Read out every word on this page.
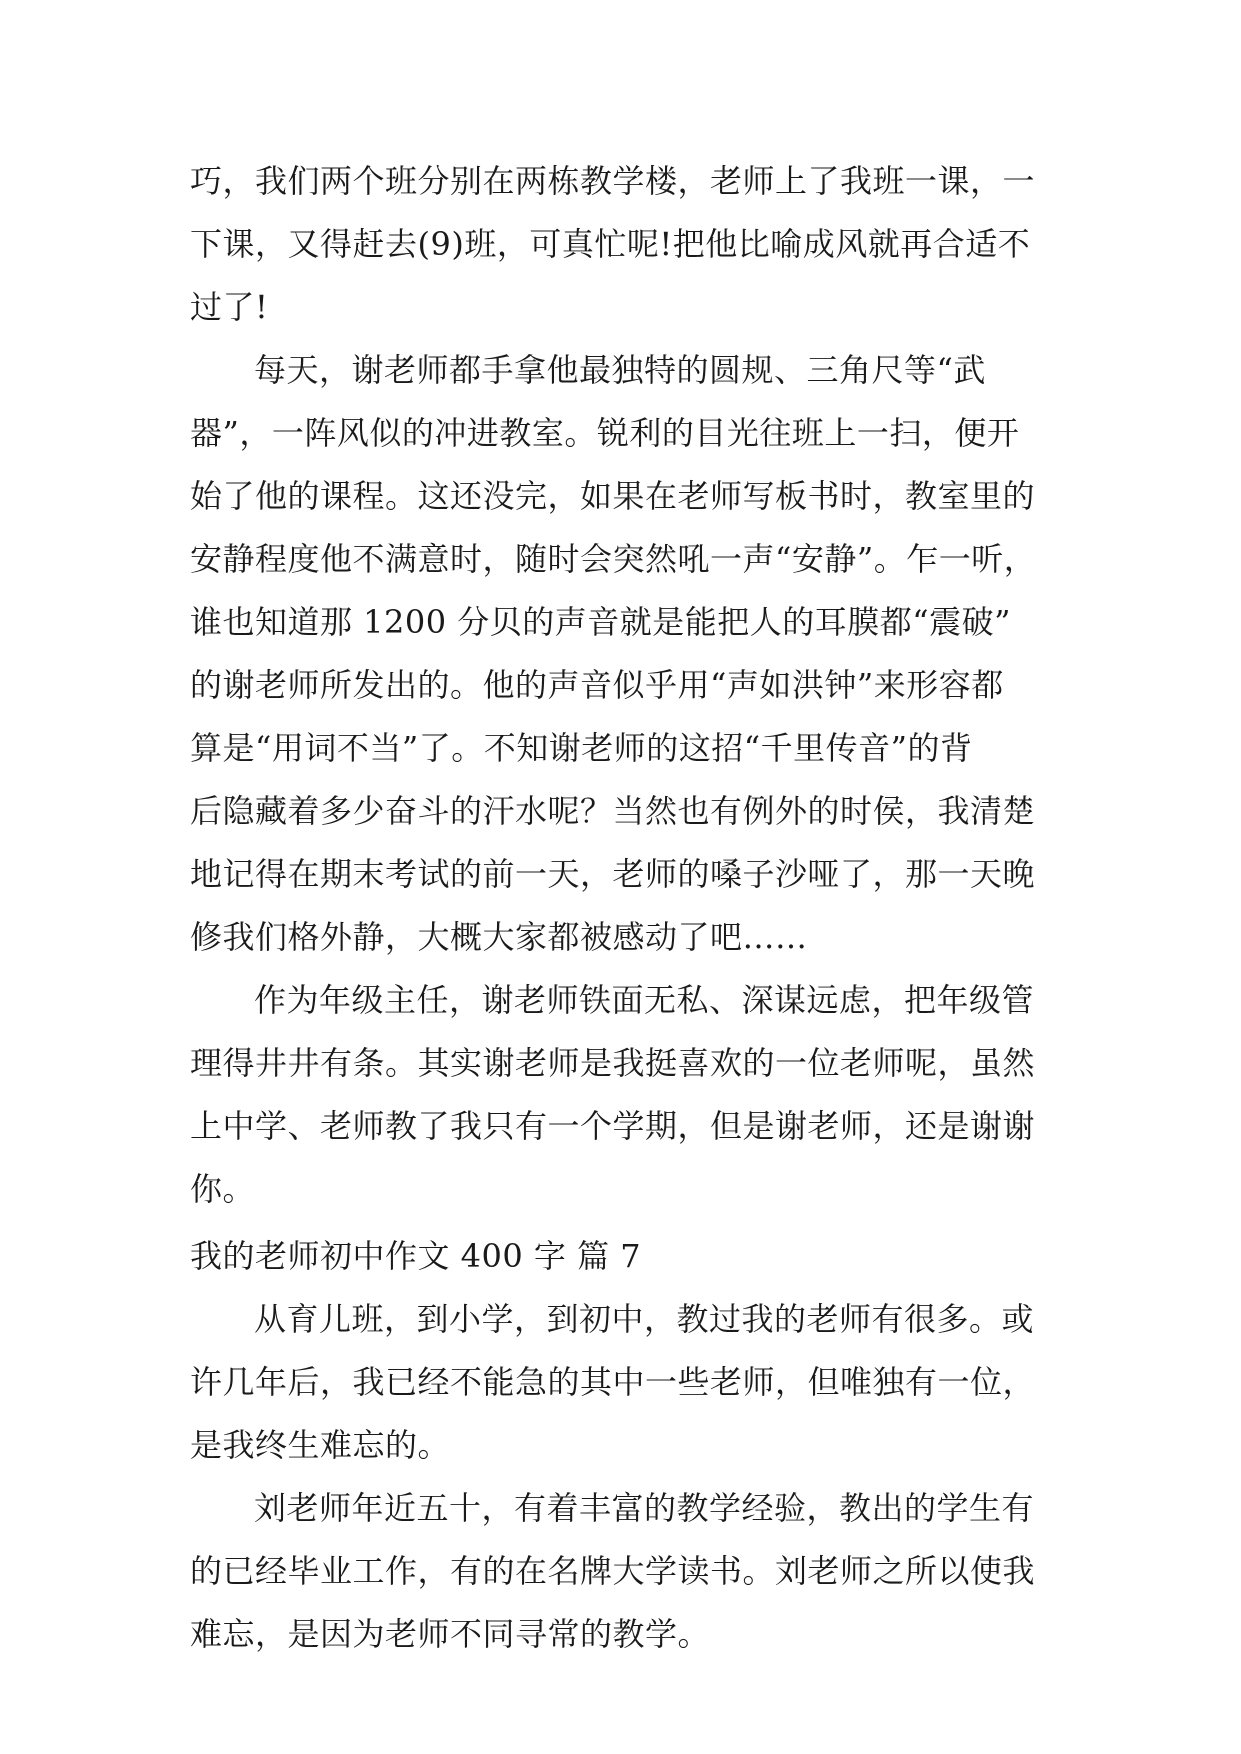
巧，我们两个班分别在两栋教学楼，老师上了我班一课，一
下课，又得赶去(9)班，可真忙呢!把他比喻成风就再合适不
过了!
每天，谢老师都手拿他最独特的圆规、三角尺等“武
器”，一阵风似的冲进教室。锐利的目光往班上一扫，便开
始了他的课程。这还没完，如果在老师写板书时，教室里的
安静程度他不满意时，随时会突然吼一声“安静”。乍一听，
谁也知道那 1200 分贝的声音就是能把人的耳膜都“震破”
的谢老师所发出的。他的声音似乎用“声如洪钟”来形容都
算是“用词不当”了。不知谢老师的这招“千里传音”的背
后隐藏着多少奋斗的汗水呢？当然也有例外的时侯，我清楚
地记得在期末考试的前一天，老师的嗓子沙哑了，那一天晚
修我们格外静，大概大家都被感动了吧……
作为年级主任，谢老师铁面无私、深谋远虑，把年级管
理得井井有条。其实谢老师是我挺喜欢的一位老师呢，虽然
上中学、老师教了我只有一个学期，但是谢老师，还是谢谢
你。
我的老师初中作文 400 字 篇 7
从育儿班，到小学，到初中，教过我的老师有很多。或
许几年后，我已经不能急的其中一些老师，但唯独有一位，
是我终生难忘的。
刘老师年近五十，有着丰富的教学经验，教出的学生有
的已经毕业工作，有的在名牌大学读书。刘老师之所以使我
难忘，是因为老师不同寻常的教学。
